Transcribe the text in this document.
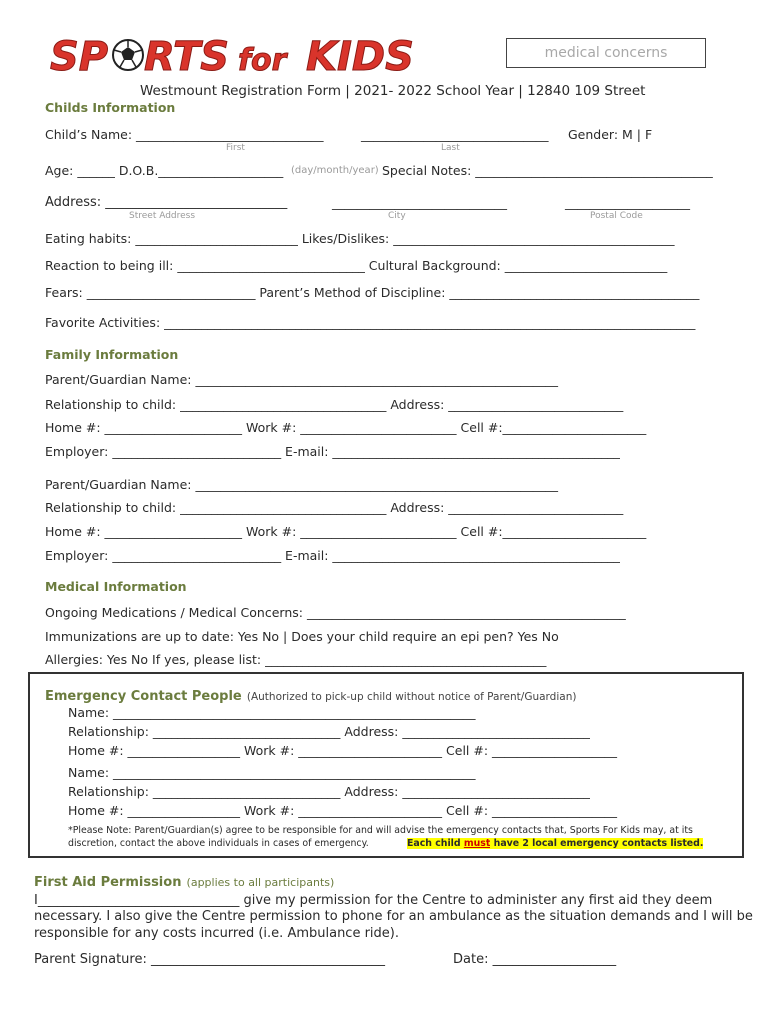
SP RTS for KIDS	medical concerns
Westmount Registration Form | 2021- 2022 School Year | 12840 109 Street
Childs Information
Child’s Name: ______________________________	______________________________ Gender: M | F
First	Last
Age: ______ D.O.B.____________________ (day/month/year) Special Notes: ______________________________________
Address: ____________________________	____________________________	____________________
Street Address	City	Postal Code
Eating habits: __________________________ Likes/Dislikes: _____________________________________________
Reaction to being ill: ______________________________ Cultural Background: __________________________
Fears: ___________________________ Parent’s Method of Discipline: ________________________________________
Favorite Activities: _____________________________________________________________________________________
Family Information
Parent/Guardian Name: __________________________________________________________
Relationship to child: _________________________________ Address: ____________________________
Home #: ______________________ Work #: _________________________ Cell #:_______________________
Employer: ___________________________ E-mail: ______________________________________________
Parent/Guardian Name: __________________________________________________________
Relationship to child: _________________________________ Address: ____________________________
Home #: ______________________ Work #: _________________________ Cell #:_______________________
Employer: ___________________________ E-mail: ______________________________________________
Medical Information
Ongoing Medications / Medical Concerns: ___________________________________________________
Immunizations are up to date: Yes No | Does your child require an epi pen? Yes No
Allergies: Yes No If yes, please list: _____________________________________________
Emergency Contact People (Authorized to pick-up child without notice of Parent/Guardian)
Name: __________________________________________________________
Relationship: ______________________________ Address: ______________________________
Home #: __________________ Work #: _______________________ Cell #: ____________________
Name: __________________________________________________________
Relationship: ______________________________ Address: ______________________________
Home #: __________________ Work #: _______________________ Cell #: ____________________
*Please Note: Parent/Guardian(s) agree to be responsible for and will advise the emergency contacts that, Sports For Kids may, at its
discretion, contact the above individuals in cases of emergency.	Each child must have 2 local emergency contacts listed.
First Aid Permission (applies to all participants)
I_______________________________ give my permission for the Centre to administer any first aid they deem
necessary. I also give the Centre permission to phone for an ambulance as the situation demands and I will be
responsible for any costs incurred (i.e. Ambulance ride).
Parent Signature: ____________________________________	Date: ___________________
